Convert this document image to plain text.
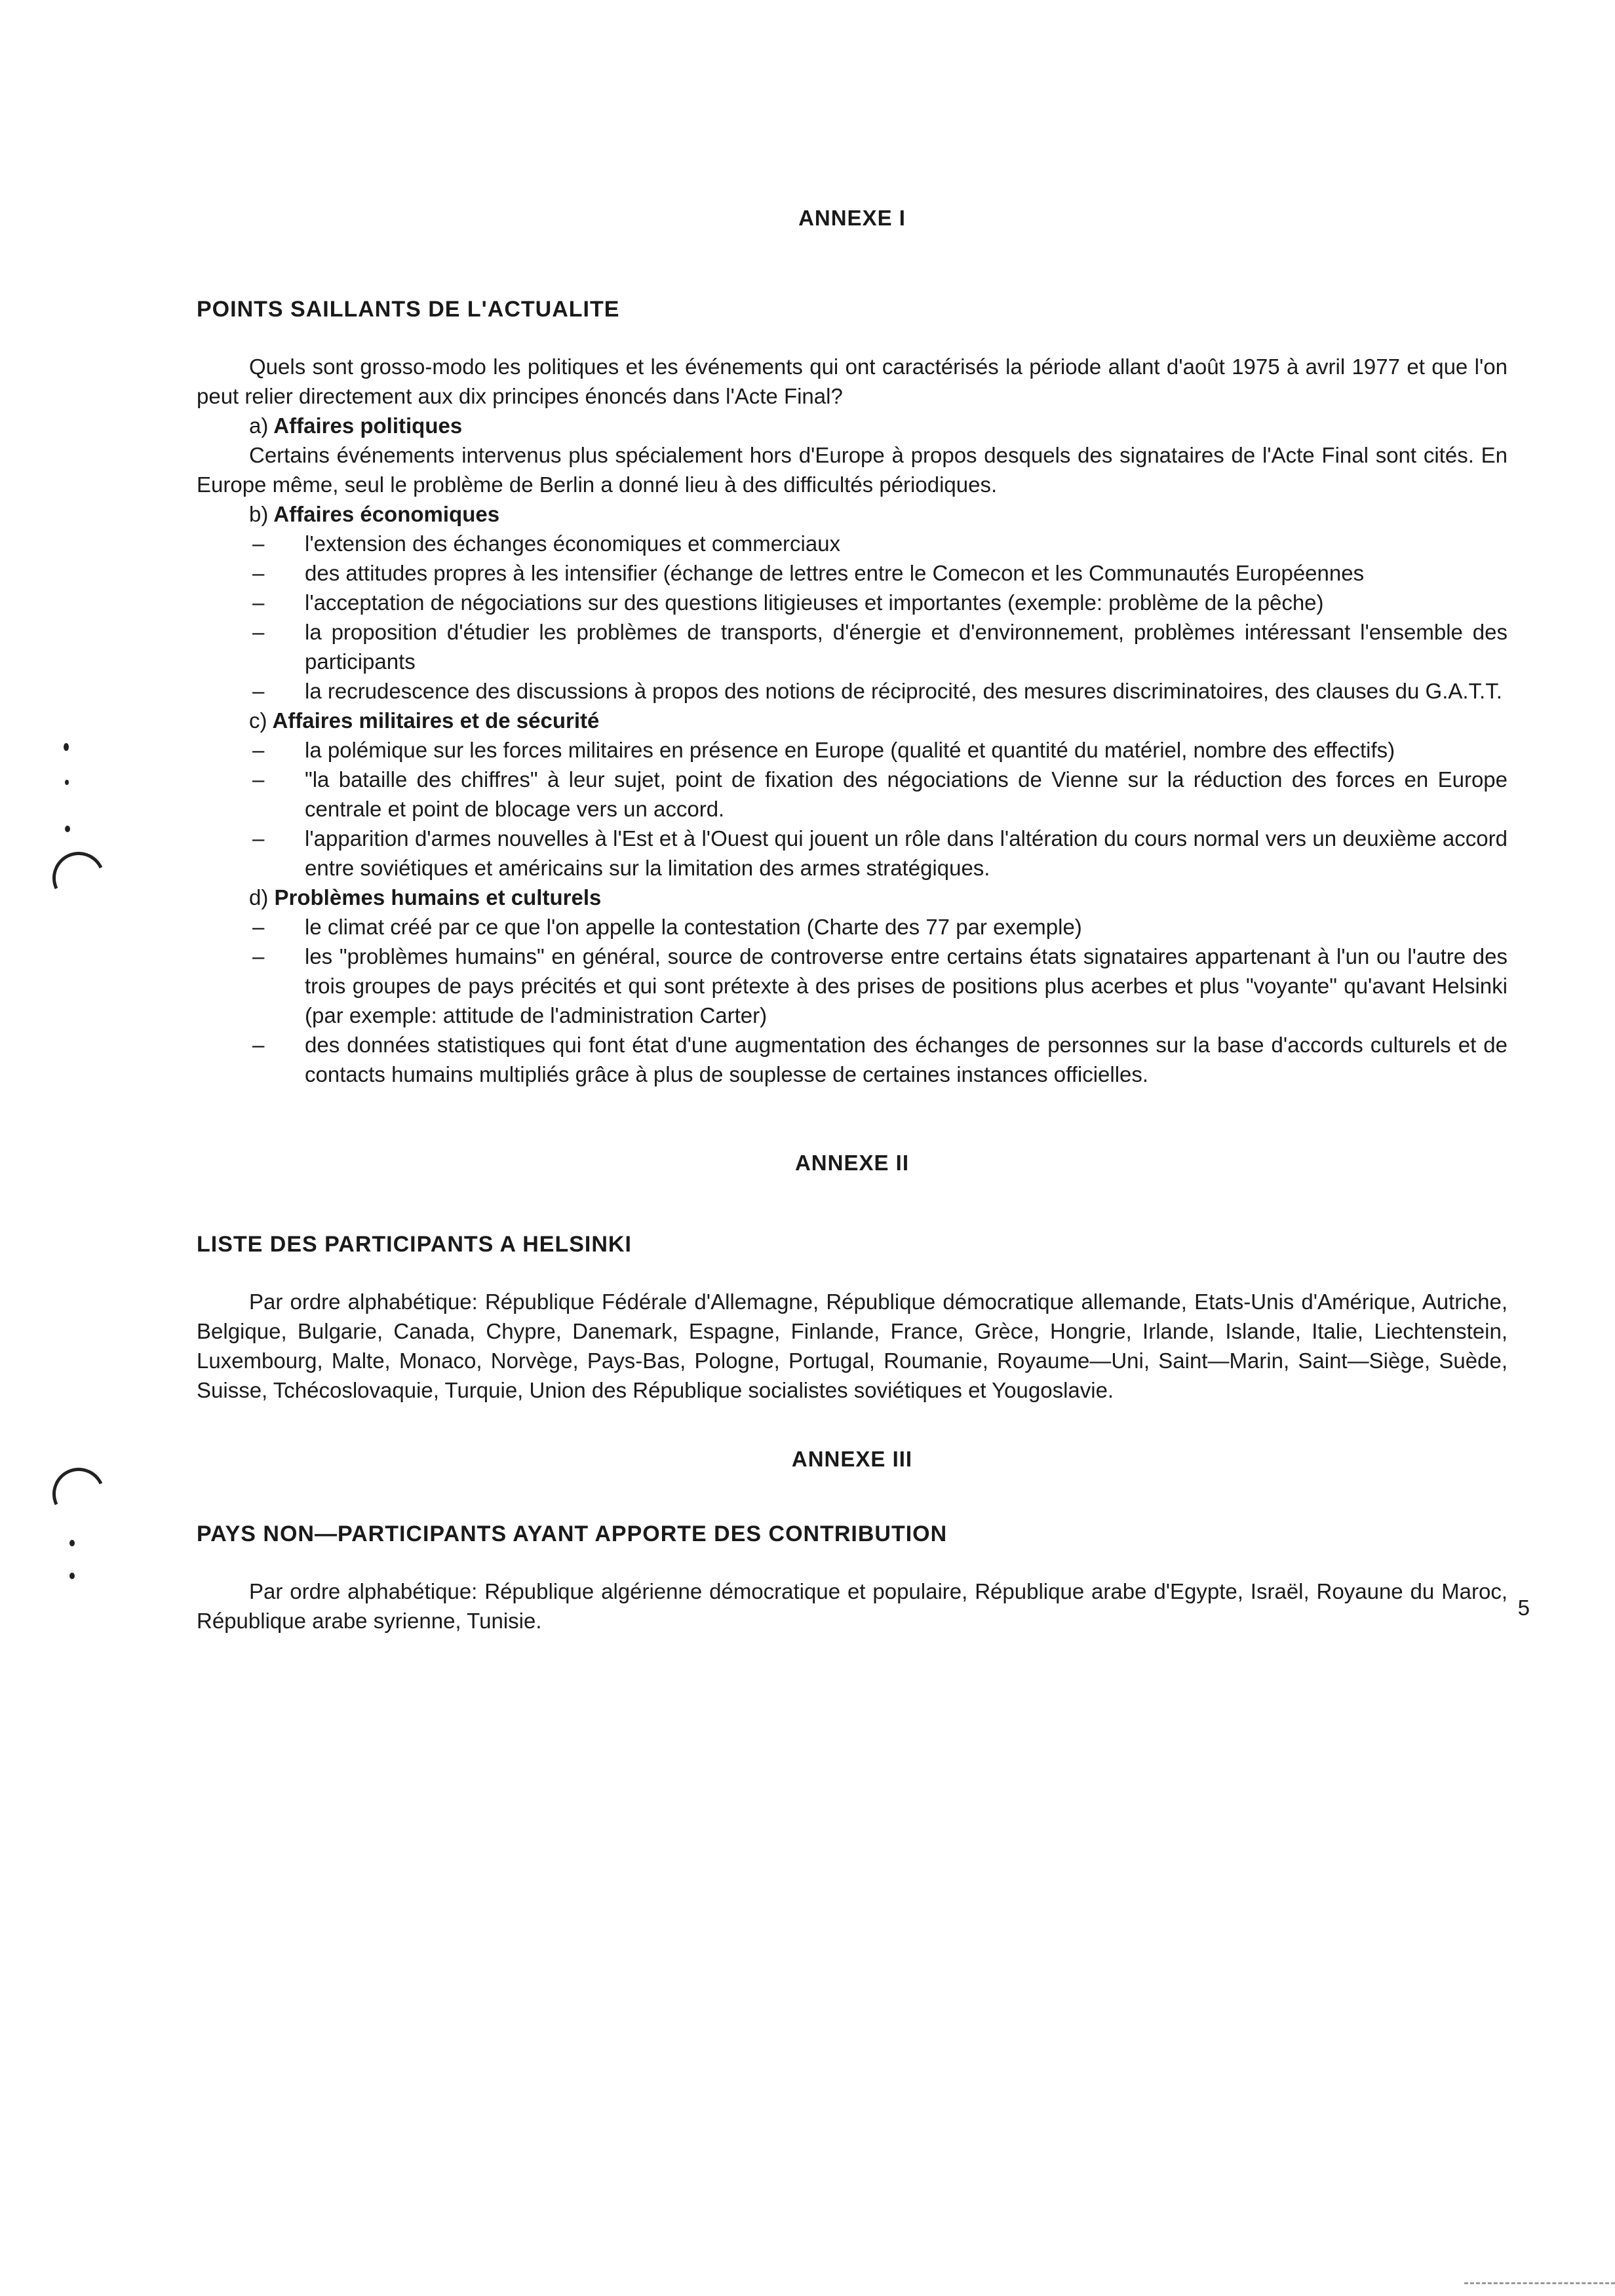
ANNEXE I
POINTS SAILLANTS DE L'ACTUALITE

Quels sont grosso-modo les politiques et les événements qui ont caractérisés la période allant d'août 1975 à avril 1977 et que l'on peut relier directement aux dix principes énoncés dans l'Acte Final?

a) Affaires politiques

Certains événements intervenus plus spécialement hors d'Europe à propos desquels des signataires de l'Acte Final sont cités. En Europe même, seul le problème de Berlin a donné lieu à des difficultés périodiques.

b) Affaires économiques
– l'extension des échanges économiques et commerciaux
– des attitudes propres à les intensifier (échange de lettres entre le Comecon et les Communautés Européennes
– l'acceptation de négociations sur des questions litigieuses et importantes (exemple: problème de la pêche)
– la proposition d'étudier les problèmes de transports, d'énergie et d'environnement, problèmes intéressant l'ensemble des participants
– la recrudescence des discussions à propos des notions de réciprocité, des mesures discriminatoires, des clauses du G.A.T.T.
c) Affaires militaires et de sécurité
– la polémique sur les forces militaires en présence en Europe (qualité et quantité du matériel, nombre des effectifs)
– "la bataille des chiffres" à leur sujet, point de fixation des négociations de Vienne sur la réduction des forces en Europe centrale et point de blocage vers un accord.
– l'apparition d'armes nouvelles à l'Est et à l'Ouest qui jouent un rôle dans l'altération du cours normal vers un deuxième accord entre soviétiques et américains sur la limitation des armes stratégiques.
d) Problèmes humains et culturels
– le climat créé par ce que l'on appelle la contestation (Charte des 77 par exemple)
– les "problèmes humains" en général, source de controverse entre certains états signataires appartenant à l'un ou l'autre des trois groupes de pays précités et qui sont prétexte à des prises de positions plus acerbes et plus "voyante" qu'avant Helsinki (par exemple: attitude de l'administration Carter)
– des données statistiques qui font état d'une augmentation des échanges de personnes sur la base d'accords culturels et de contacts humains multipliés grâce à plus de souplesse de certaines instances officielles.
ANNEXE II
LISTE DES PARTICIPANTS A HELSINKI

Par ordre alphabétique: République Fédérale d'Allemagne, République démocratique allemande, Etats-Unis d'Amérique, Autriche, Belgique, Bulgarie, Canada, Chypre, Danemark, Espagne, Finlande, France, Grèce, Hongrie, Irlande, Islande, Italie, Liechtenstein, Luxembourg, Malte, Monaco, Norvège, Pays-Bas, Pologne, Portugal, Roumanie, Royaume—Uni, Saint—Marin, Saint—Siège, Suède, Suisse, Tchécoslovaquie, Turquie, Union des République socialistes soviétiques et Yougoslavie.

ANNEXE III
PAYS NON—PARTICIPANTS AYANT APPORTE DES CONTRIBUTION

Par ordre alphabétique: République algérienne démocratique et populaire, République arabe d'Egypte, Israël, Royaune du Maroc, République arabe syrienne, Tunisie.

5
